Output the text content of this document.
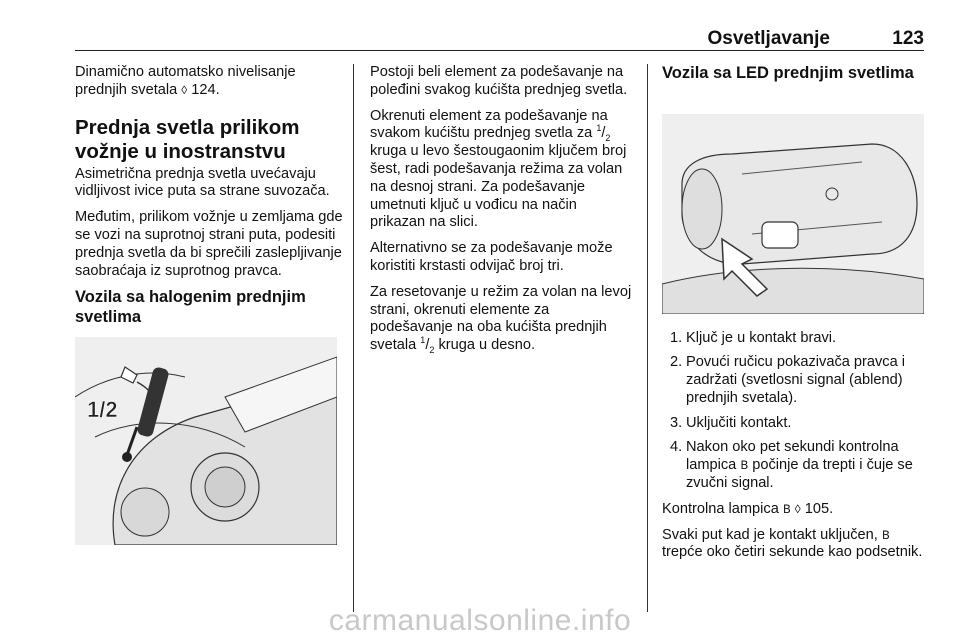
Osvetljavanje	123

Dinamično automatsko nivelisanje prednjih svetala ◊ 124.

Prednja svetla prilikom vožnje u inostranstvu

Asimetrična prednja svetla uvećavaju vidljivost ivice puta sa strane suvozača.

Međutim, prilikom vožnje u zemljama gde se vozi na suprotnoj strani puta, podesiti prednja svetla da bi sprečili zaslepljivanje saobraćaja iz suprotnog pravca.

Vozila sa halogenim prednjim svetlima
1/2

Postoji beli element za podešavanje na poleđini svakog kućišta prednjeg svetla.

Okrenuti element za podešavanje na svakom kućištu prednjeg svetla za $^1/_2$ kruga u levo šestougaonim ključem broj šest, radi podešavanja režima za volan na desnoj strani. Za podešavanje umetnuti ključ u vođicu na način prikazan na slici.

Alternativno se za podešavanje može koristiti krstasti odvijač broj tri.

Za resetovanje u režim za volan na levoj strani, okrenuti elemente za podešavanje na oba kućišta prednjih svetala $^1/_2$ kruga u desno.

Vozila sa LED prednjim svetlima
1. Ključ je u kontakt bravi.
2. Povući ručicu pokazivača pravca i zadržati (svetlosni signal (ablend) prednjih svetala).
3. Uključiti kontakt.
4. Nakon oko pet sekundi kontrolna lampica 𐊡 počinje da trepti i čuje se zvučni signal.

Kontrolna lampica 𐊡 ◊ 105.

Svaki put kad je kontakt uključen, 𐊡
trepće oko četiri sekunde kao podsetnik.

carmanualsonline.info
